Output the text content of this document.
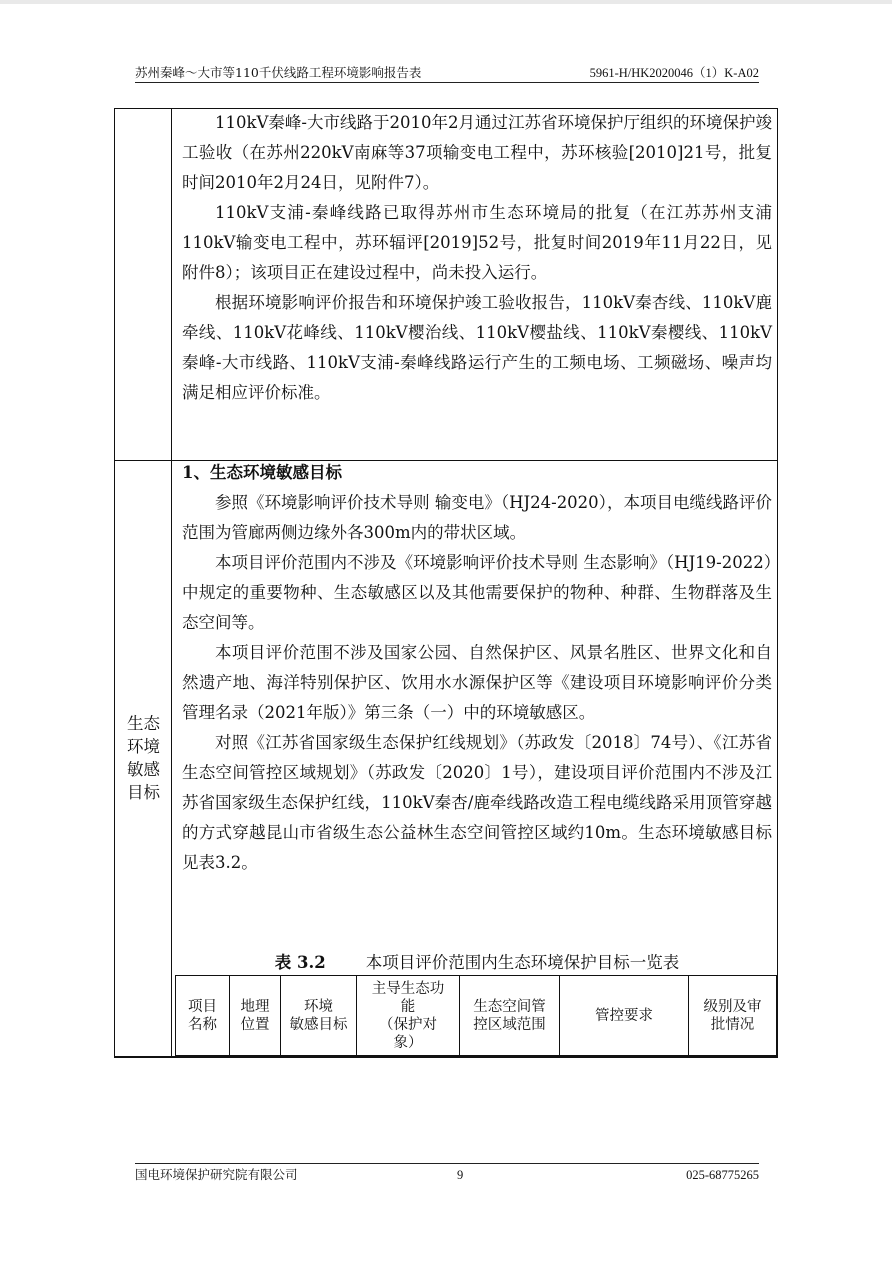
苏州秦峰～大市等110千伏线路工程环境影响报告表	5961-H/HK2020046（1）K-A02

110kV秦峰-大市线路于2010年2月通过江苏省环境保护厅组织的环境保护竣工验收（在苏州220kV南麻等37项输变电工程中，苏环核验[2010]21号，批复时间2010年2月24日，见附件7）。

110kV支浦-秦峰线路已取得苏州市生态环境局的批复（在江苏苏州支浦110kV输变电工程中，苏环辐评[2019]52号，批复时间2019年11月22日，见附件8）；该项目正在建设过程中，尚未投入运行。

根据环境影响评价报告和环境保护竣工验收报告，110kV秦杏线、110kV鹿牵线、110kV花峰线、110kV樱治线、110kV樱盐线、110kV秦樱线、110kV秦峰-大市线路、110kV支浦-秦峰线路运行产生的工频电场、工频磁场、噪声均满足相应评价标准。

生态
环境
敏感
目标

1、生态环境敏感目标

参照《环境影响评价技术导则 输变电》（HJ24-2020），本项目电缆线路评价范围为管廊两侧边缘外各300m内的带状区域。

本项目评价范围内不涉及《环境影响评价技术导则 生态影响》（HJ19-2022）中规定的重要物种、生态敏感区以及其他需要保护的物种、种群、生物群落及生态空间等。

本项目评价范围不涉及国家公园、自然保护区、风景名胜区、世界文化和自然遗产地、海洋特别保护区、饮用水水源保护区等《建设项目环境影响评价分类管理名录（2021年版）》第三条（一）中的环境敏感区。

对照《江苏省国家级生态保护红线规划》（苏政发〔2018〕74号）、《江苏省生态空间管控区域规划》（苏政发〔2020〕1号），建设项目评价范围内不涉及江苏省国家级生态保护红线，110kV秦杏/鹿牵线路改造工程电缆线路采用顶管穿越的方式穿越昆山市省级生态公益林生态空间管控区域约10m。生态环境敏感目标见表3.2。

表 3.2 本项目评价范围内生态环境保护目标一览表
项目
名称

地理
位置

环境
敏感目标

主导生态功
能
（保护对
象）

生态空间管
控区域范围

管控要求

级别及审
批情况
国电环境保护研究院有限公司	9	025-68775265
